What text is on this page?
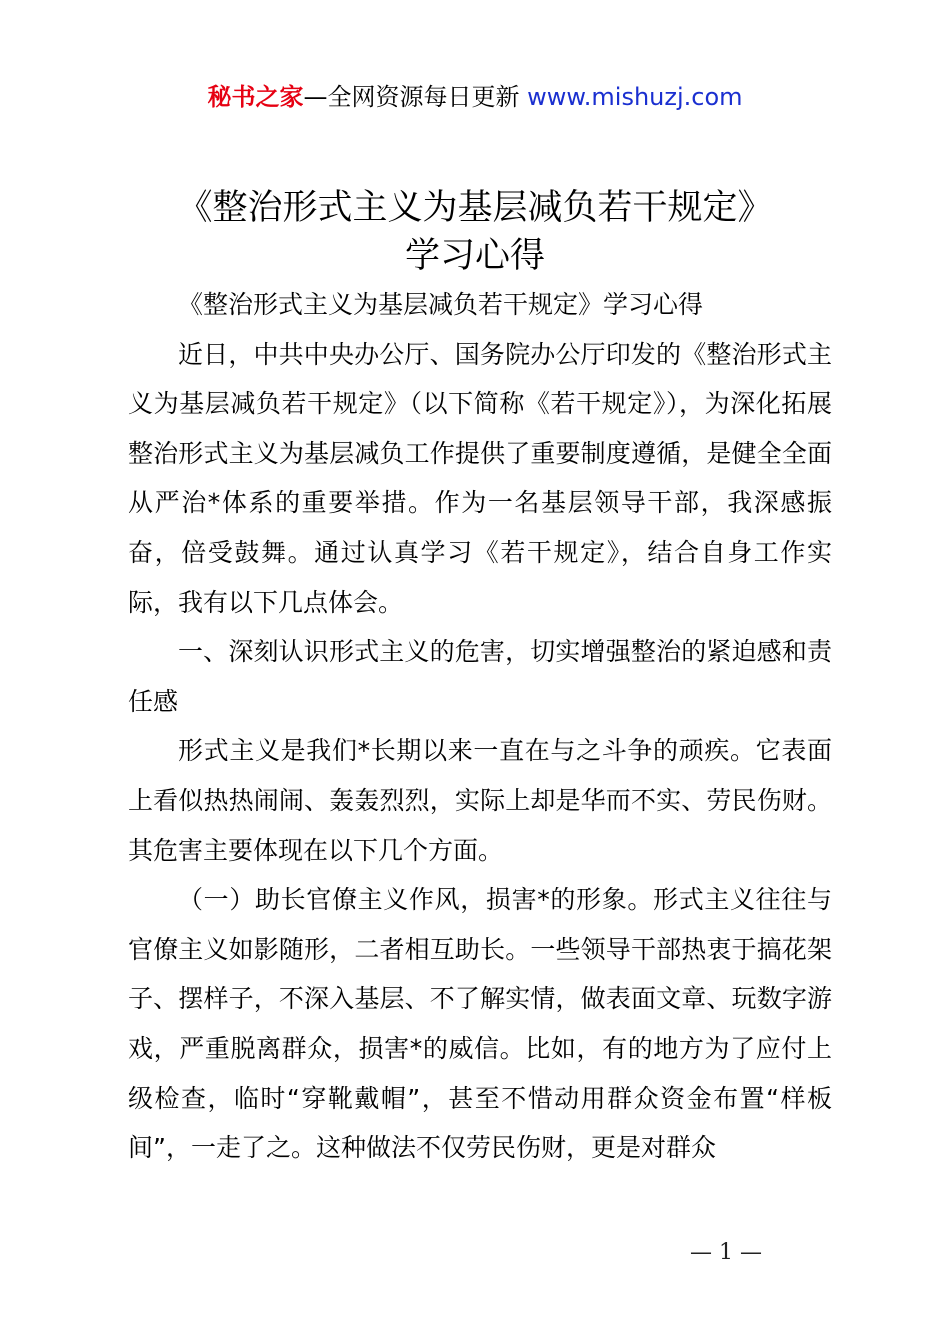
秘书之家—全网资源每日更新 www.mishuzj.com
《整治形式主义为基层减负若干规定》
学习心得

《整治形式主义为基层减负若干规定》学习心得

近日，中共中央办公厅、国务院办公厅印发的《整治形式主义为基层减负若干规定》（以下简称《若干规定》），为深化拓展整治形式主义为基层减负工作提供了重要制度遵循，是健全全面从严治*体系的重要举措。作为一名基层领导干部，我深感振奋，倍受鼓舞。通过认真学习《若干规定》，结合自身工作实际，我有以下几点体会。

一、深刻认识形式主义的危害，切实增强整治的紧迫感和责任感

形式主义是我们*长期以来一直在与之斗争的顽疾。它表面上看似热热闹闹、轰轰烈烈，实际上却是华而不实、劳民伤财。其危害主要体现在以下几个方面。

（一）助长官僚主义作风，损害*的形象。形式主义往往与官僚主义如影随形，二者相互助长。一些领导干部热衷于搞花架子、摆样子，不深入基层、不了解实情，做表面文章、玩数字游戏，严重脱离群众，损害*的威信。比如，有的地方为了应付上级检查，临时“穿靴戴帽”，甚至不惜动用群众资金布置“样板间”，一走了之。这种做法不仅劳民伤财，更是对群众

— 1 —
